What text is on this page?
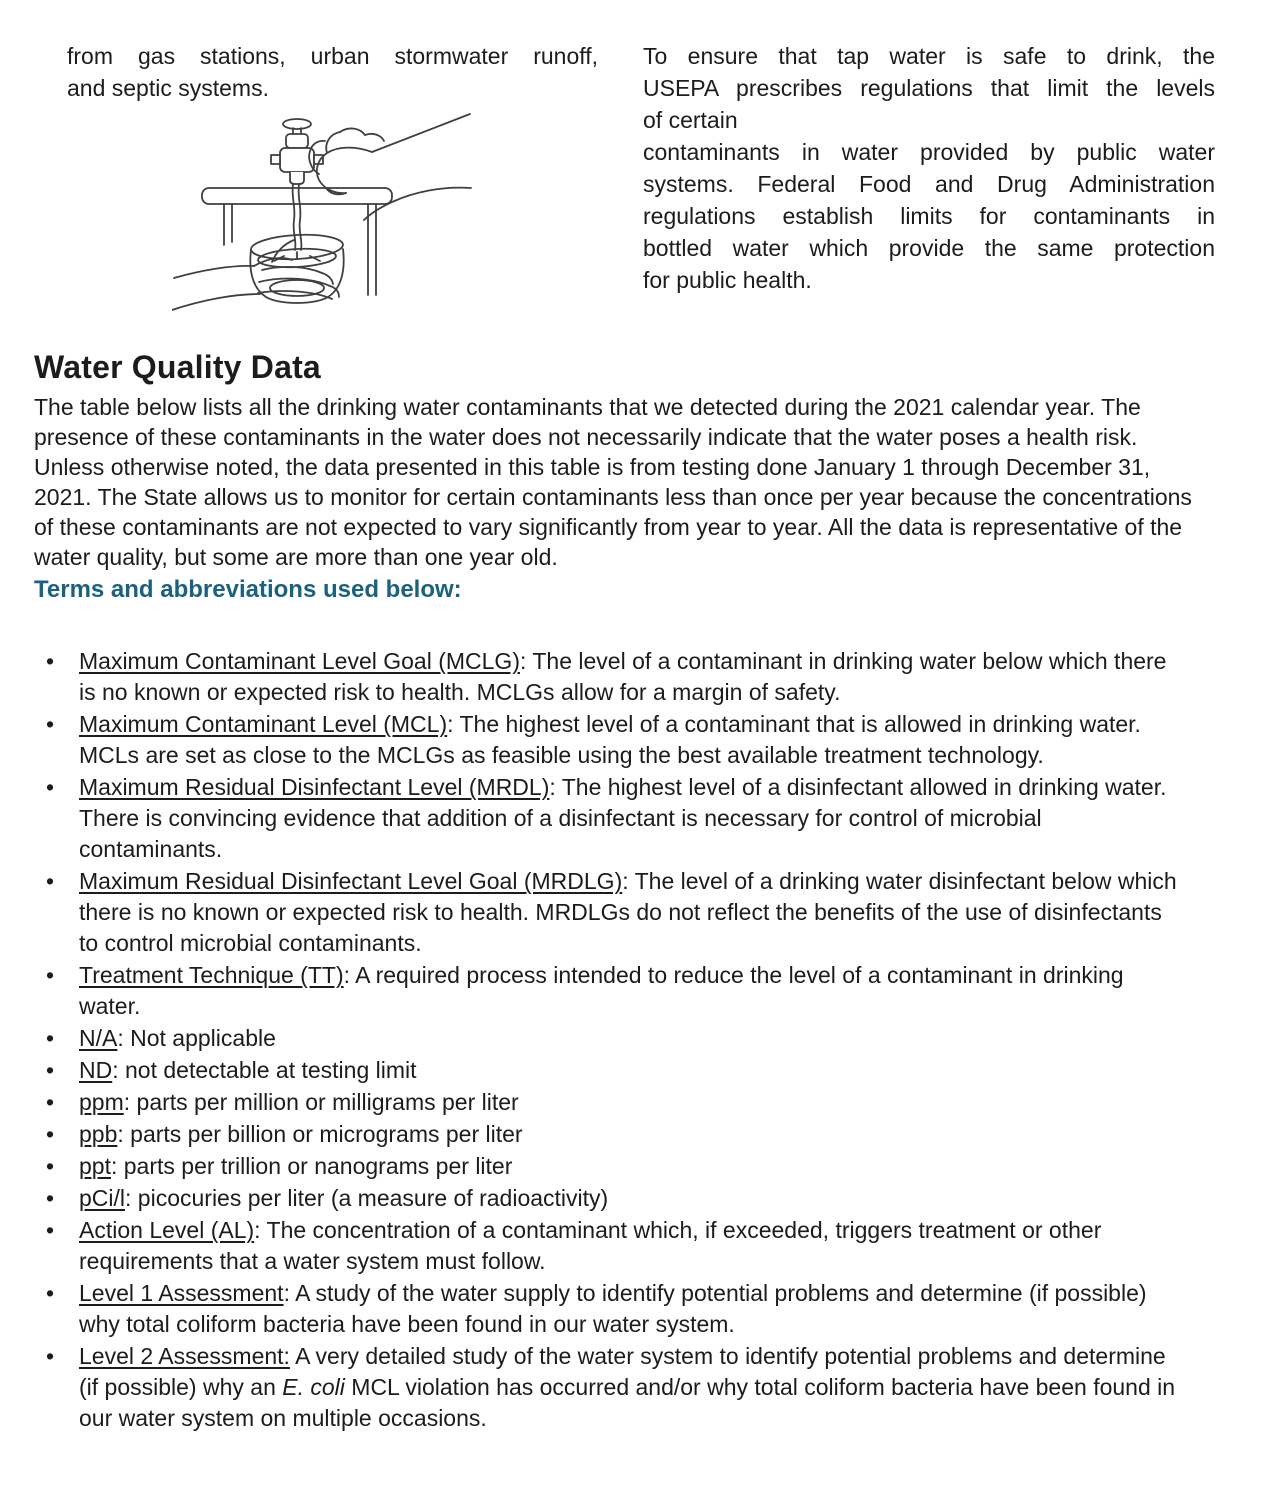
from gas stations, urban stormwater runoff,
and septic systems.
To ensure that tap water is safe to drink, the
USEPA prescribes regulations that limit the levels
of certain
contaminants in water provided by public water
systems. Federal Food and Drug Administration
regulations establish limits for contaminants in
bottled water which provide the same protection
for public health.
Water Quality Data

The table below lists all the drinking water contaminants that we detected during the 2021 calendar year. The presence of these contaminants in the water does not necessarily indicate that the water poses a health risk. Unless otherwise noted, the data presented in this table is from testing done January 1 through December 31, 2021. The State allows us to monitor for certain contaminants less than once per year because the concentrations of these contaminants are not expected to vary significantly from year to year. All the data is representative of the water quality, but some are more than one year old.

Terms and abbreviations used below:
• Maximum Contaminant Level Goal (MCLG): The level of a contaminant in drinking water below which there is no known or expected risk to health. MCLGs allow for a margin of safety.
• Maximum Contaminant Level (MCL): The highest level of a contaminant that is allowed in drinking water. MCLs are set as close to the MCLGs as feasible using the best available treatment technology.
• Maximum Residual Disinfectant Level (MRDL): The highest level of a disinfectant allowed in drinking water. There is convincing evidence that addition of a disinfectant is necessary for control of microbial contaminants.
• Maximum Residual Disinfectant Level Goal (MRDLG): The level of a drinking water disinfectant below which there is no known or expected risk to health. MRDLGs do not reflect the benefits of the use of disinfectants to control microbial contaminants.
• Treatment Technique (TT): A required process intended to reduce the level of a contaminant in drinking water.
• N/A: Not applicable
• ND: not detectable at testing limit
• ppm: parts per million or milligrams per liter
• ppb: parts per billion or micrograms per liter
• ppt: parts per trillion or nanograms per liter
• pCi/l: picocuries per liter (a measure of radioactivity)
• Action Level (AL): The concentration of a contaminant which, if exceeded, triggers treatment or other requirements that a water system must follow.
• Level 1 Assessment: A study of the water supply to identify potential problems and determine (if possible) why total coliform bacteria have been found in our water system.
• Level 2 Assessment: A very detailed study of the water system to identify potential problems and determine (if possible) why an E. coli MCL violation has occurred and/or why total coliform bacteria have been found in our water system on multiple occasions.
